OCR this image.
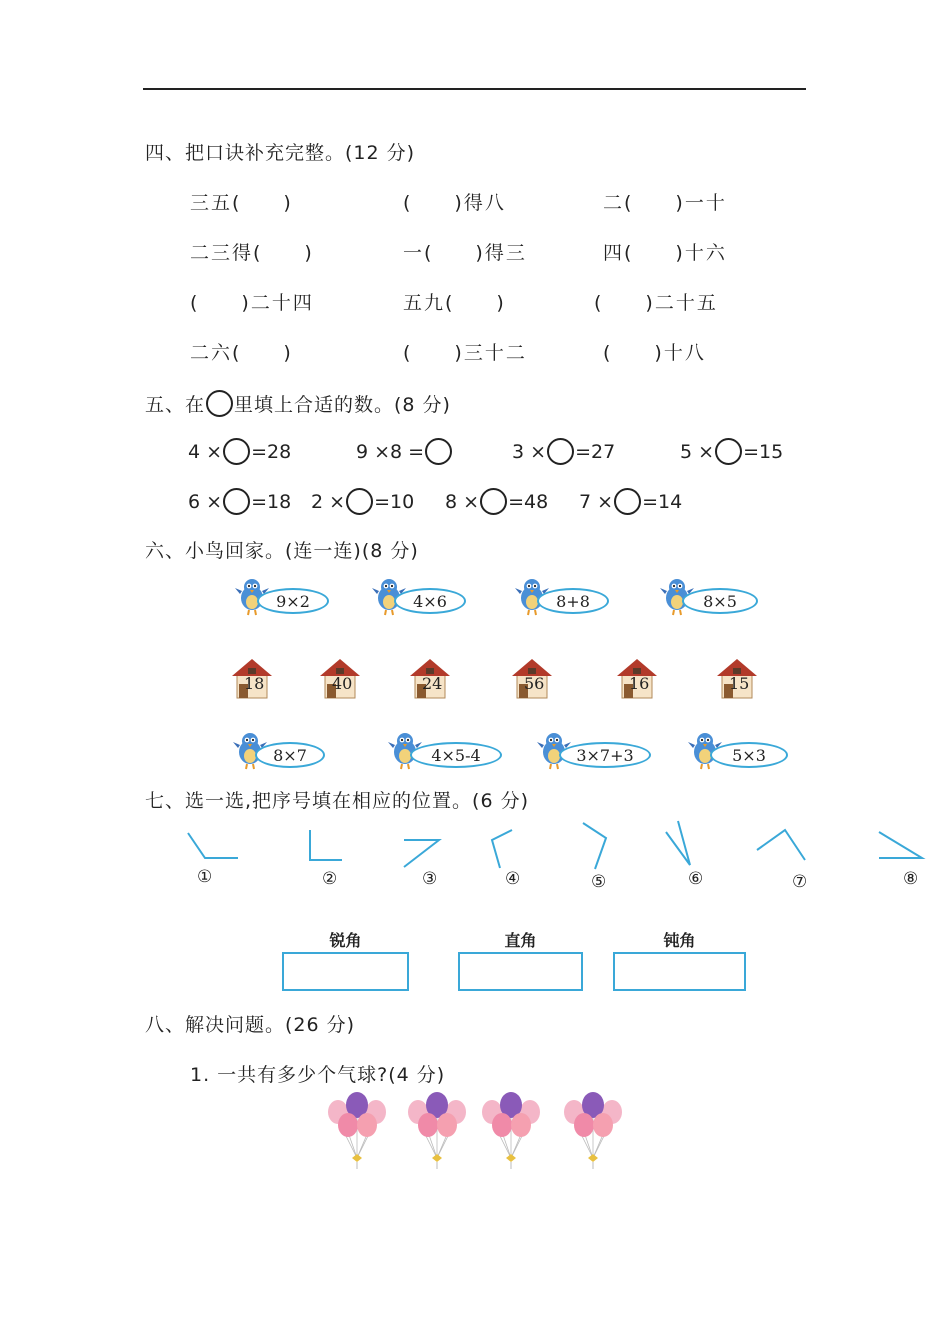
四、把口诀补充完整。(12 分)
三五(　　)	(　　)得八	二(　　)一十
二三得(　　)	一(　　)得三	四(　　)十六
(　　)二十四	五九(　　)	(　　)二十五
二六(　　)	(　　)三十二	(　　)十八
五、在 里填上合适的数。(8 分)
4 × =28	9 ×8 =	3 × =27	5 × =15
6 × =18 2 × =10 8 × =48 7 × =14
六、小鸟回家。(连一连)(8 分)
七、选一选,把序号填在相应的位置。(6 分)
①	②	③	④	⑤	⑥	⑦	⑧
锐角	直角	钝角
八、解决问题。(26 分)
1. 一共有多少个气球?(4 分)
9×2	4×6	8+8	8×5
8×7	4×5-4	3×7+3	5×3
18	40	24	56	16	15
